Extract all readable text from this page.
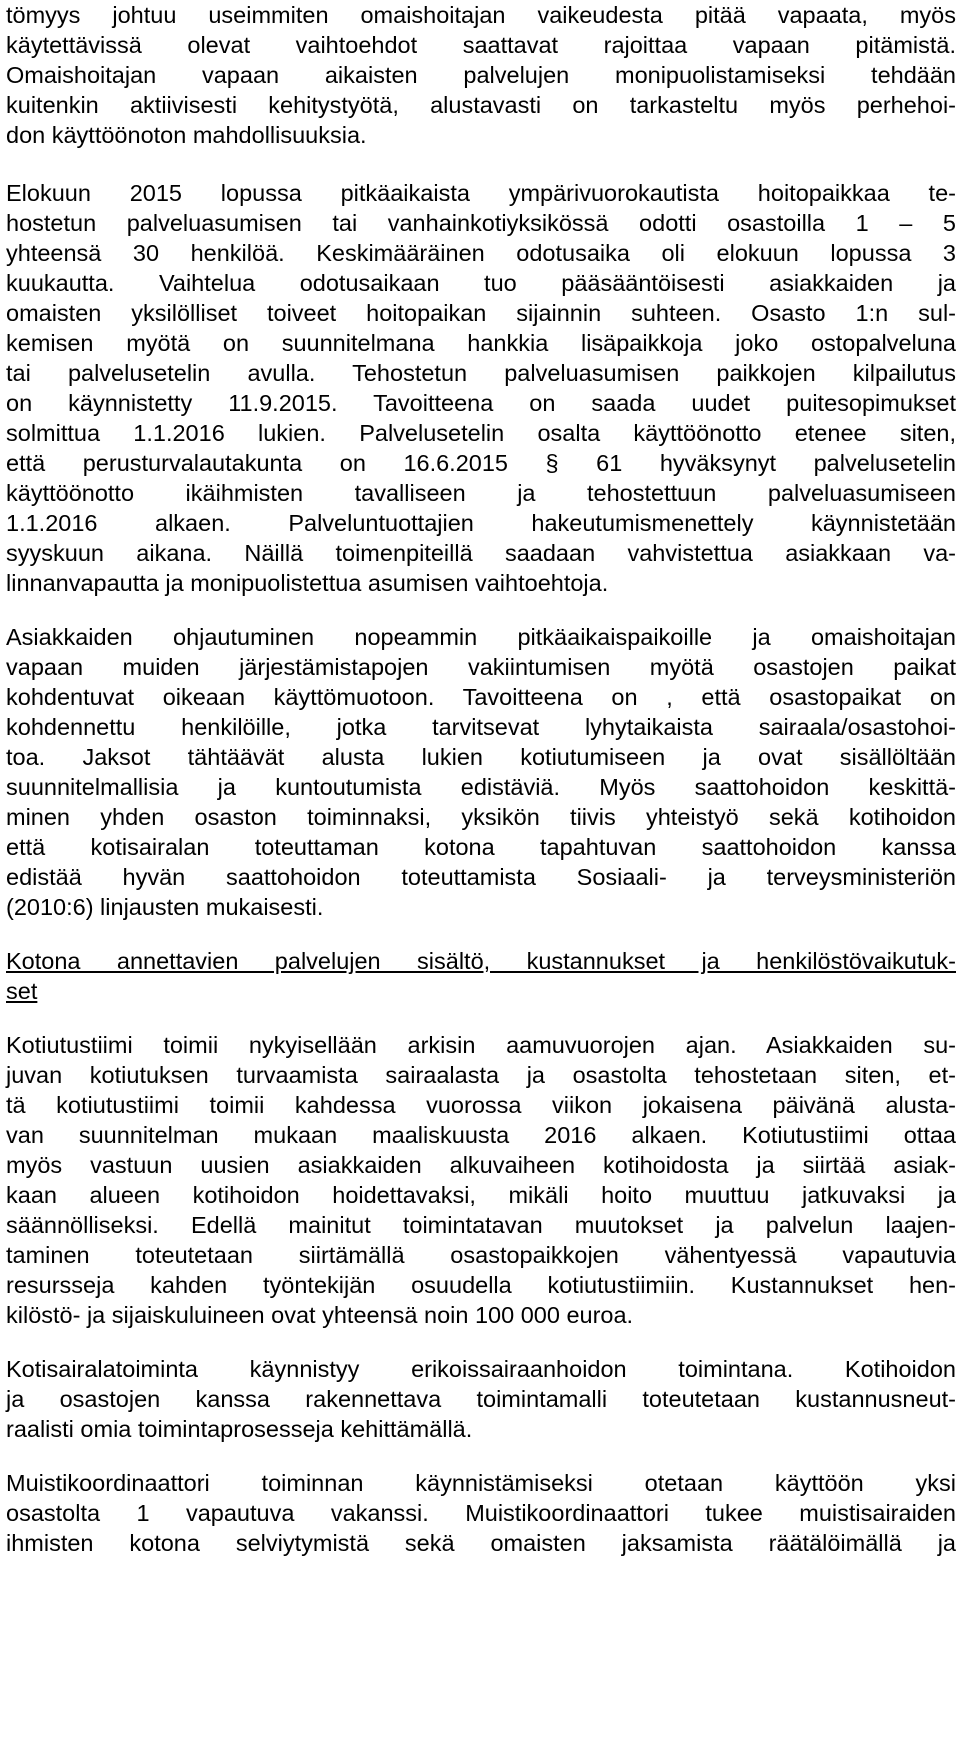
tömyys johtuu useimmiten omaishoitajan vaikeudesta pitää vapaata, myös
käytettävissä olevat vaihtoehdot saattavat rajoittaa vapaan pitämistä.
Omaishoitajan vapaan aikaisten palvelujen monipuolistamiseksi tehdään
kuitenkin aktiivisesti kehitystyötä, alustavasti on tarkasteltu myös perhehoi-
don käyttöönoton mahdollisuuksia.

Elokuun 2015 lopussa pitkäaikaista ympärivuorokautista hoitopaikkaa te-
hostetun palveluasumisen tai vanhainkotiyksikössä odotti osastoilla 1 – 5
yhteensä 30 henkilöä. Keskimääräinen odotusaika oli elokuun lopussa 3
kuukautta. Vaihtelua odotusaikaan tuo pääsääntöisesti asiakkaiden ja
omaisten yksilölliset toiveet hoitopaikan sijainnin suhteen. Osasto 1:n sul-
kemisen myötä on suunnitelmana hankkia lisäpaikkoja joko ostopalveluna
tai palvelusetelin avulla. Tehostetun palveluasumisen paikkojen kilpailutus
on käynnistetty 11.9.2015. Tavoitteena on saada uudet puitesopimukset
solmittua 1.1.2016 lukien. Palvelusetelin osalta käyttöönotto etenee siten,
että perusturvalautakunta on 16.6.2015 § 61 hyväksynyt palvelusetelin
käyttöönotto ikäihmisten tavalliseen ja tehostettuun palveluasumiseen
1.1.2016 alkaen. Palveluntuottajien hakeutumismenettely käynnistetään
syyskuun aikana. Näillä toimenpiteillä saadaan vahvistettua asiakkaan va-
linnanvapautta ja monipuolistettua asumisen vaihtoehtoja.

Asiakkaiden ohjautuminen nopeammin pitkäaikaispaikoille ja omaishoitajan
vapaan muiden järjestämistapojen vakiintumisen myötä osastojen paikat
kohdentuvat oikeaan käyttömuotoon. Tavoitteena on , että osastopaikat on
kohdennettu henkilöille, jotka tarvitsevat lyhytaikaista sairaala/osastohoi-
toa. Jaksot tähtäävät alusta lukien kotiutumiseen ja ovat sisällöltään
suunnitelmallisia ja kuntoutumista edistäviä. Myös saattohoidon keskittä-
minen yhden osaston toiminnaksi, yksikön tiivis yhteistyö sekä kotihoidon
että kotisairalan toteuttaman kotona tapahtuvan saattohoidon kanssa
edistää hyvän saattohoidon toteuttamista Sosiaali- ja terveysministeriön
(2010:6) linjausten mukaisesti.

Kotona annettavien palvelujen sisältö, kustannukset ja henkilöstövaikutuk-
set

Kotiutustiimi toimii nykyisellään arkisin aamuvuorojen ajan. Asiakkaiden su-
juvan kotiutuksen turvaamista sairaalasta ja osastolta tehostetaan siten, et-
tä kotiutustiimi toimii kahdessa vuorossa viikon jokaisena päivänä alusta-
van suunnitelman mukaan maaliskuusta 2016 alkaen. Kotiutustiimi ottaa
myös vastuun uusien asiakkaiden alkuvaiheen kotihoidosta ja siirtää asiak-
kaan alueen kotihoidon hoidettavaksi, mikäli hoito muuttuu jatkuvaksi ja
säännölliseksi. Edellä mainitut toimintatavan muutokset ja palvelun laajen-
taminen toteutetaan siirtämällä osastopaikkojen vähentyessä vapautuvia
resursseja kahden työntekijän osuudella kotiutustiimiin. Kustannukset hen-
kilöstö- ja sijaiskuluineen ovat yhteensä noin 100 000 euroa.

Kotisairalatoiminta käynnistyy erikoissairaanhoidon toimintana. Kotihoidon
ja osastojen kanssa rakennettava toimintamalli toteutetaan kustannusneut-
raalisti omia toimintaprosesseja kehittämällä.

Muistikoordinaattori toiminnan käynnistämiseksi otetaan käyttöön yksi
osastolta 1 vapautuva vakanssi. Muistikoordinaattori tukee muistisairaiden
ihmisten kotona selviytymistä sekä omaisten jaksamista räätälöimällä ja
